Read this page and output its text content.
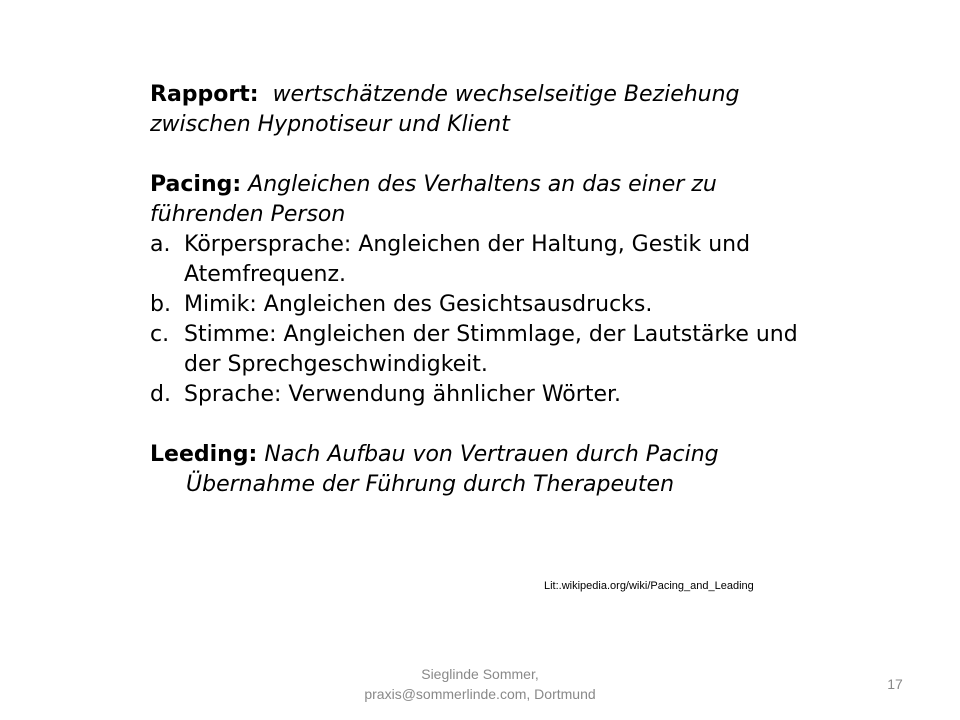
Rapport: wertschätzende wechselseitige Beziehung zwischen Hypnotiseur und Klient

Pacing: Angleichen des Verhaltens an das einer zu führenden Person

a. Körpersprache: Angleichen der Haltung, Gestik und Atemfrequenz.
b. Mimik: Angleichen des Gesichtsausdrucks.
c. Stimme: Angleichen der Stimmlage, der Lautstärke und der Sprechgeschwindigkeit.
d. Sprache: Verwendung ähnlicher Wörter.

Leeding: Nach Aufbau von Vertrauen durch Pacing

Übernahme der Führung durch Therapeuten

Lit:.wikipedia.org/wiki/Pacing_and_Leading
Sieglinde Sommer,
praxis@sommerlinde.com, Dortmund
17
